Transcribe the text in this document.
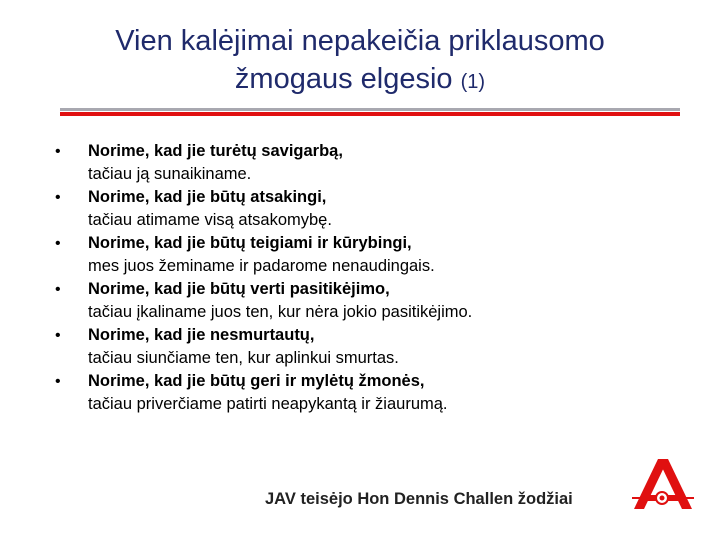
Vien kalėjimai nepakeičia priklausomo
žmogaus elgesio (1)
• Norime, kad jie turėtų savigarbą,
tačiau ją sunaikiname.
• Norime, kad jie būtų atsakingi,
tačiau atimame visą atsakomybę.
• Norime, kad jie būtų teigiami ir kūrybingi,
mes juos žeminame ir padarome nenaudingais.
• Norime, kad jie būtų verti pasitikėjimo,
tačiau įkaliname juos ten, kur nėra jokio pasitikėjimo.
• Norime, kad jie nesmurtautų,
tačiau siunčiame ten, kur aplinkui smurtas.
• Norime, kad jie būtų geri ir mylėtų žmonės,
tačiau priverčiame patirti neapykantą ir žiaurumą.
JAV teisėjo Hon Dennis Challen žodžiai
